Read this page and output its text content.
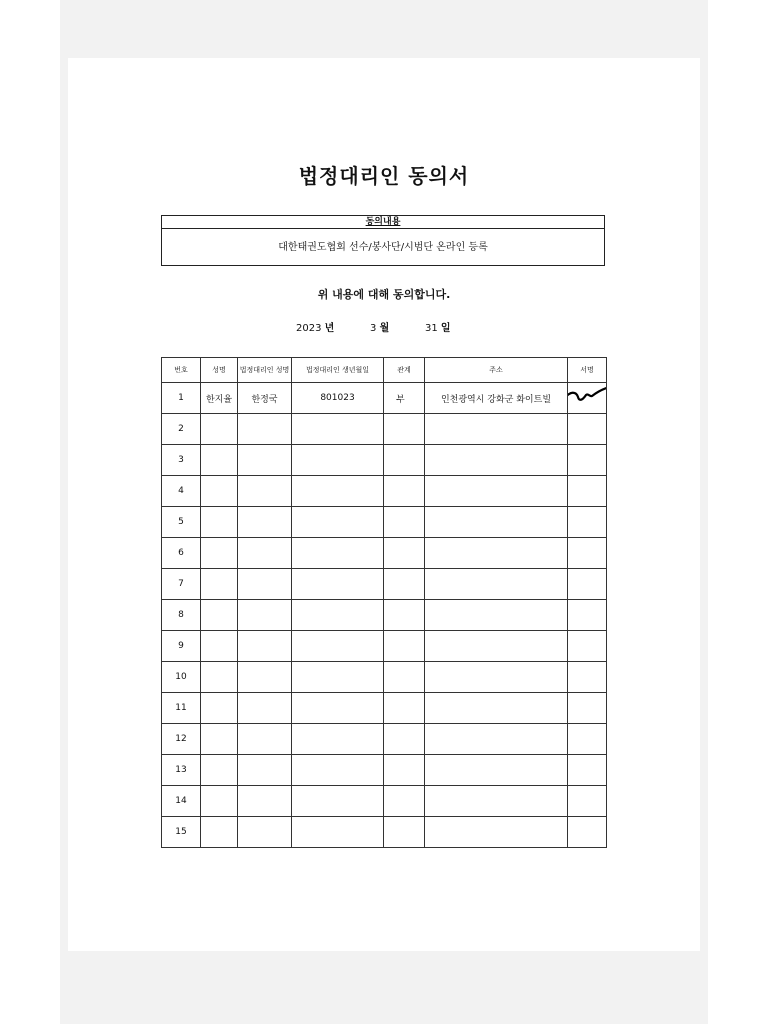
법정대리인 동의서
동의내용
대한태권도협회 선수/봉사단/시범단 온라인 등록
위 내용에 대해 동의합니다.
2023 년	3 월	31 일
번호	성명	법정대리인 성명	법정대리인 생년월일	관계	주소	서명
1	한지율	한정국	801023	부	인천광역시 강화군 화이트빌	

2						
3						
4						
5						
6						
7						
8						
9						
10						
11						
12						
13						
14						
15						
